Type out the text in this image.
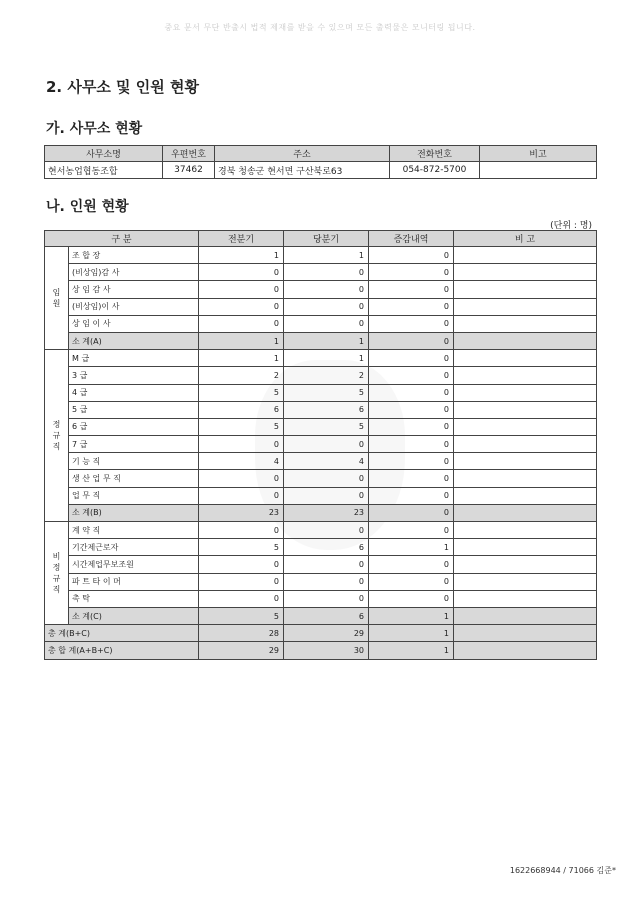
중요 문서 무단 반출시 법적 제재를 받을 수 있으며 모든 출력물은 모니터링 됩니다.
2. 사무소 및 인원 현황
가. 사무소 현황
사무소명	우편번호	주소	전화번호	비고
현서농업협동조합	37462	경북 청송군 현서면 구산북로63	054-872-5700	
나. 인원 현황
(단위 : 명)
구 분		전분기	당분기	증감내역	비 고
임
원	조 합 장	1	1	0	
	(비상임)감 사	0	0	0	
	상 임 감 사	0	0	0	
	(비상임)이 사	0	0	0	
	상 임 이 사	0	0	0	
	소 계(A)	1	1	0	
정
규
직	M 급	1	1	0	
	3 급	2	2	0	
	4 급	5	5	0	
	5 급	6	6	0	
	6 급	5	5	0	
	7 급	0	0	0	
	기 능 직	4	4	0	
	생 산 업 무 직	0	0	0	
	업 무 직	0	0	0	
	소 계(B)	23	23	0	
비
정
규
직	계 약 직	0	0	0	
	기간제근로자	5	6	1	
	시간제업무보조원	0	0	0	
	파 트 타 이 머	0	0	0	
	촉 탁	0	0	0	
	소 계(C)	5	6	1	
총 계(B+C)		28	29	1	
총 합 계(A+B+C)		29	30	1	
1622668944 / 71066 김준*
